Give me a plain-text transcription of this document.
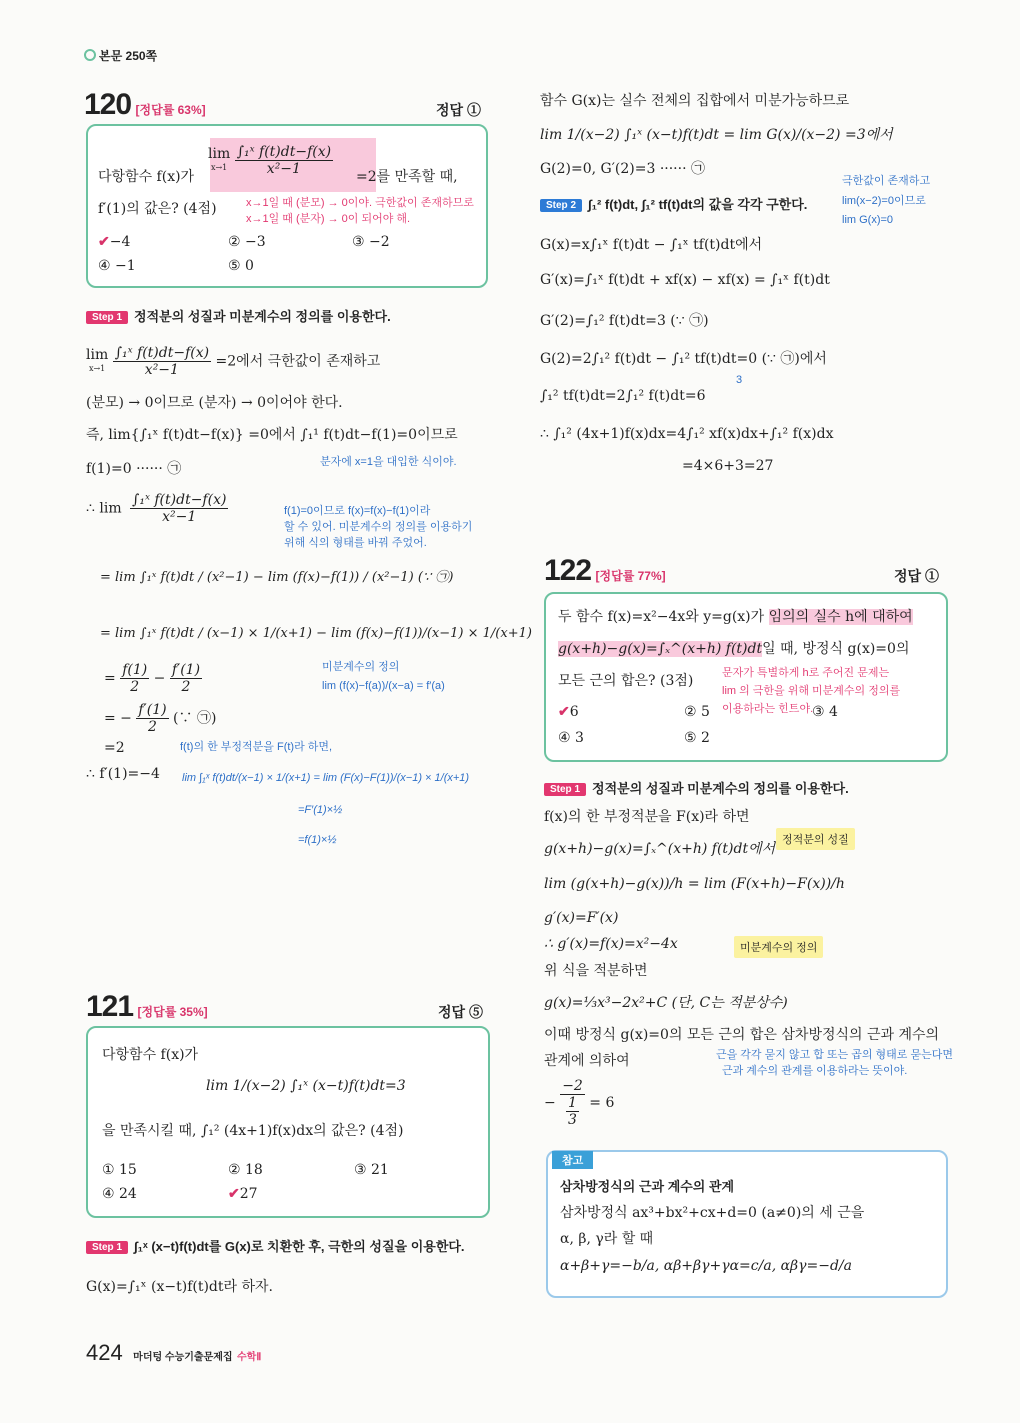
본문 250쪽
120 [정답률 63%]	정답 ①
다항함수 f(x)가
lim
$x\to 1 \frac{\text{∫₁ˣ f(t)dt−f(x)}}{\text{x²−1}} =2$를 만족할 때,
f′(1)의 값은? (4점)	x→1일 때 (분모) → 0이야. 극한값이 존재하므로
x→1일 때 (분자) → 0이 되어야 해.
✔−4	② −3	③ −2
④ −1	⑤ 0
Step 1 정적분의 성질과 미분계수의 정의를 이용한다.
lim
$x\to 1 \frac{\text{∫₁ˣ f(t)dt−f(x)}}{\text{x²−1}} =2$에서 극한값이 존재하고
(분모) → 0이므로 (분자) → 0이어야 한다.
즉, lim{∫₁ˣ f(t)dt−f(x)} =0에서 ∫₁¹ f(t)dt−f(1)=0이므로
분자에 x=1을 대입한 식이야.
f(1)=0 ······ ㉠
∴ $\lim \frac{\text{∫₁ˣ f(t)dt−f(x)}}{\text{x²−1}}$	f(1)=0이므로 f(x)=f(x)−f(1)이라
할 수 있어. 미분계수의 정의를 이용하기
위해 식의 형태를 바꿔 주었어.
= lim ∫₁ˣ f(t)dt / (x²−1) − lim (f(x)−f(1)) / (x²−1) (∵ ㉠)
= lim ∫₁ˣ f(t)dt / (x−1) × 1/(x+1) − lim (f(x)−f(1))/(x−1) × 1/(x+1)
= $\frac{f(1)}{2} - \frac{f'(1)}{2}$	미분계수의 정의
lim (f(x)−f(a))/(x−a) = f′(a)
= − $\frac{f'(1)}{2}$ (∵ ㉠)
=2	f(t)의 한 부정적분을 F(t)라 하면,
∴ f′(1)=−4 lim ∫₁ˣ f(t)dt/(x−1) × 1/(x+1) = lim (F(x)−F(1))/(x−1) × 1/(x+1)
=F′(1)×½
=f(1)×½
121 [정답률 35%]	정답 ⑤
다항함수 f(x)가
lim 1/(x−2) ∫₁ˣ (x−t)f(t)dt=3
을 만족시킬 때, ∫₁² (4x+1)f(x)dx의 값은? (4점)
① 15	② 18	③ 21
④ 24	✔27
Step 1 ∫₁ˣ (x−t)f(t)dt를 G(x)로 치환한 후, 극한의 성질을 이용한다.
G(x)=∫₁ˣ (x−t)f(t)dt라 하자.
함수 G(x)는 실수 전체의 집합에서 미분가능하므로
lim 1/(x−2) ∫₁ˣ (x−t)f(t)dt = lim G(x)/(x−2) =3에서
G(2)=0, G′(2)=3 ······ ㉠
극한값이 존재하고
lim(x−2)=0이므로
lim G(x)=0
Step 2 ∫₁² f(t)dt, ∫₁² tf(t)dt의 값을 각각 구한다.
G(x)=x∫₁ˣ f(t)dt − ∫₁ˣ tf(t)dt에서
G′(x)=∫₁ˣ f(t)dt + xf(x) − xf(x) = ∫₁ˣ f(t)dt
G′(2)=∫₁² f(t)dt=3 (∵ ㉠)
G(2)=2∫₁² f(t)dt − ∫₁² tf(t)dt=0 (∵ ㉠)에서
3
∫₁² tf(t)dt=2∫₁² f(t)dt=6
∴ ∫₁² (4x+1)f(x)dx=4∫₁² xf(x)dx+∫₁² f(x)dx
=4×6+3=27
122 [정답률 77%]	정답 ①
두 함수 f(x)=x²−4x와 y=g(x)가 임의의 실수 h에 대하여
g(x+h)−g(x)=∫ₓ^(x+h) f(t)dt일 때, 방정식 g(x)=0의
모든 근의 합은? (3점)	문자가 특별하게 h로 주어진 문제는
lim 의 극한을 위해 미분계수의 정의를
이용하라는 힌트야.
✔6	② 5	③ 4
④ 3	⑤ 2
Step 1 정적분의 성질과 미분계수의 정의를 이용한다.
f(x)의 한 부정적분을 F(x)라 하면
g(x+h)−g(x)=∫ₓ^(x+h) f(t)dt에서
정적분의 성질
lim (g(x+h)−g(x))/h = lim (F(x+h)−F(x))/h
g′(x)=F′(x)
∴ g′(x)=f(x)=x²−4x	미분계수의 정의
위 식을 적분하면
g(x)=⅓x³−2x²+C (단, C는 적분상수)
이때 방정식 g(x)=0의 모든 근의 합은 삼차방정식의 근과 계수의
관계에 의하여	근을 각각 묻지 않고 합 또는 곱의 형태로 묻는다면
근과 계수의 관계를 이용하라는 뜻이야.
− $\frac{-2}{\frac{1}{3}} = 6$
참고
삼차방정식의 근과 계수의 관계
삼차방정식 ax³+bx²+cx+d=0 (a≠0)의 세 근을
α, β, γ라 할 때
α+β+γ=−b/a, αβ+βγ+γα=c/a, αβγ=−d/a
424 마더텅 수능기출문제집 수학Ⅱ
